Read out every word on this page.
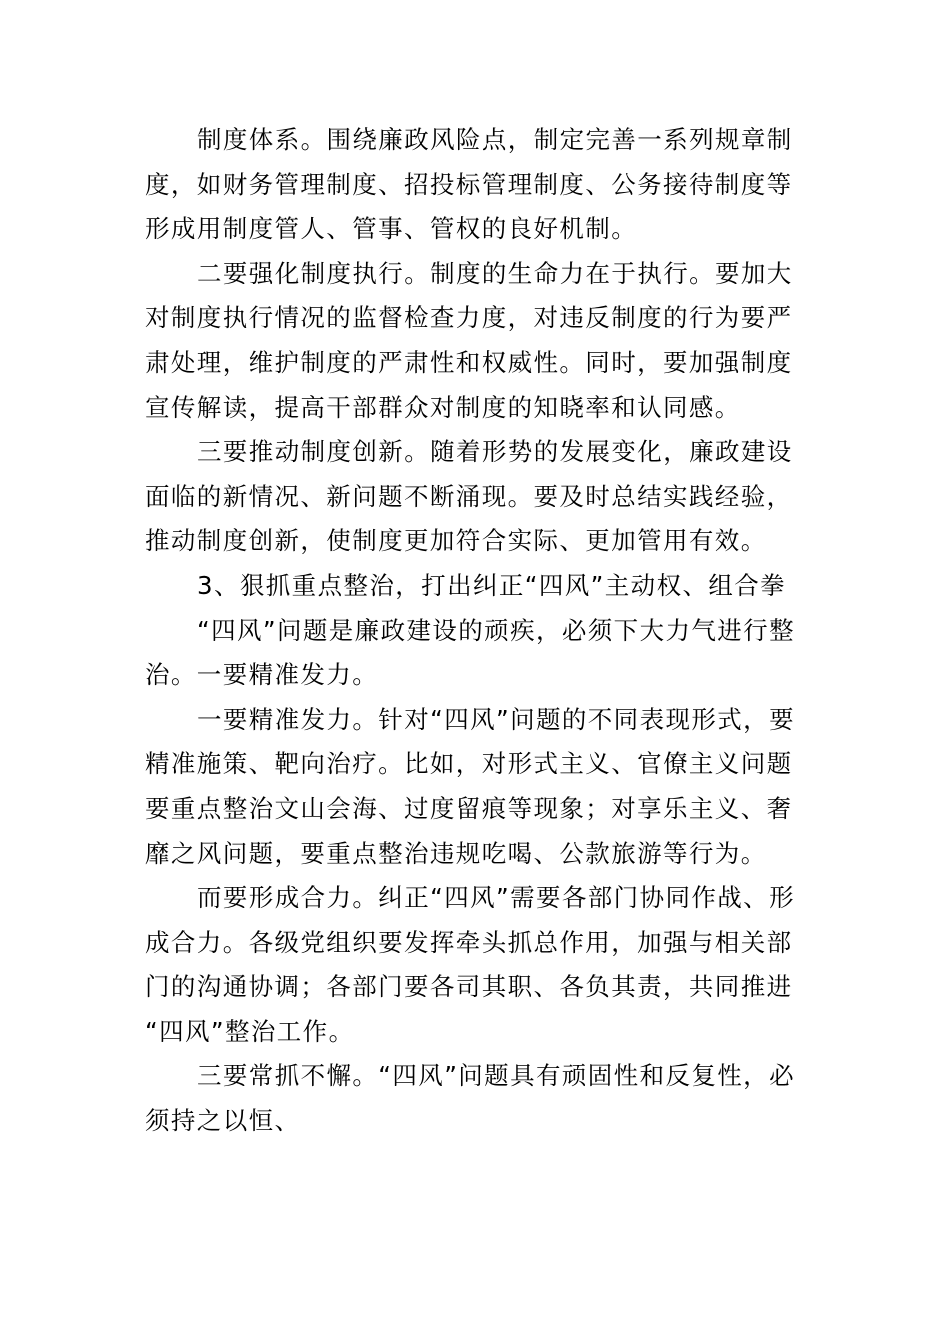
制度体系。围绕廉政风险点，制定完善一系列规章制
度，如财务管理制度、招投标管理制度、公务接待制度等
形成用制度管人、管事、管权的良好机制。
二要强化制度执行。制度的生命力在于执行。要加大
对制度执行情况的监督检查力度，对违反制度的行为要严
肃处理，维护制度的严肃性和权威性。同时，要加强制度
宣传解读，提高干部群众对制度的知晓率和认同感。
三要推动制度创新。随着形势的发展变化，廉政建设
面临的新情况、新问题不断涌现。要及时总结实践经验，
推动制度创新，使制度更加符合实际、更加管用有效。
3、狠抓重点整治，打出纠正“四风”主动权、组合拳
“四风”问题是廉政建设的顽疾，必须下大力气进行整
治。一要精准发力。
一要精准发力。针对“四风”问题的不同表现形式，要
精准施策、靶向治疗。比如，对形式主义、官僚主义问题
要重点整治文山会海、过度留痕等现象；对享乐主义、奢
靡之风问题，要重点整治违规吃喝、公款旅游等行为。
而要形成合力。纠正“四风”需要各部门协同作战、形
成合力。各级党组织要发挥牵头抓总作用，加强与相关部
门的沟通协调；各部门要各司其职、各负其责，共同推进
“四风”整治工作。
三要常抓不懈。“四风”问题具有顽固性和反复性，必
须持之以恒、
